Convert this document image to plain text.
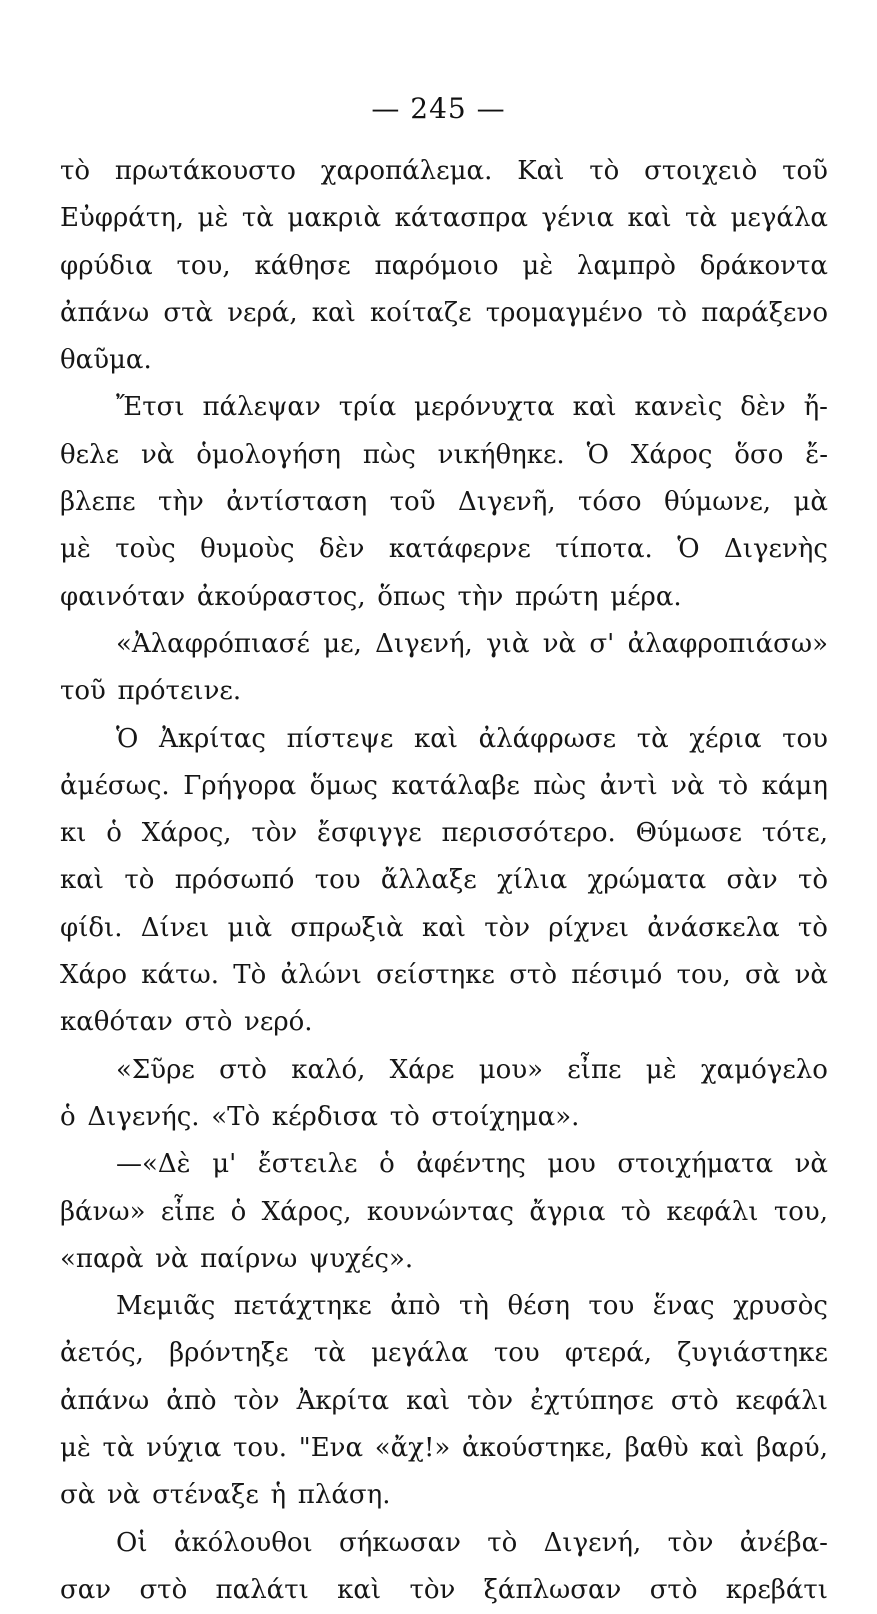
— 245 —
τὸ πρωτάκουστο χαροπάλεμα. Καὶ τὸ στοιχειὸ τοῦ
Εὐφράτη, μὲ τὰ μακριὰ κάτασπρα γένια καὶ τὰ μεγάλα
φρύδια του, κάθησε παρόμοιο μὲ λαμπρὸ δράκοντα
ἀπάνω στὰ νερά, καὶ κοίταζε τρομαγμένο τὸ παράξενο
θαῦμα.
Ἔτσι πάλεψαν τρία μερόνυχτα καὶ κανεὶς δὲν ἤ-
θελε νὰ ὁμολογήση πὼς νικήθηκε. Ὁ Χάρος ὅσο ἔ-
βλεπε τὴν ἀντίσταση τοῦ Διγενῆ, τόσο θύμωνε, μὰ
μὲ τοὺς θυμοὺς δὲν κατάφερνε τίποτα. Ὁ Διγενὴς
φαινόταν ἀκούραστος, ὅπως τὴν πρώτη μέρα.
«Ἀλαφρόπιασέ με, Διγενή, γιὰ νὰ σ' ἀλαφροπιάσω»
τοῦ πρότεινε.
Ὁ Ἀκρίτας πίστεψε καὶ ἀλάφρωσε τὰ χέρια του
ἀμέσως. Γρήγορα ὅμως κατάλαβε πὼς ἀντὶ νὰ τὸ κάμη
κι ὁ Χάρος, τὸν ἔσφιγγε περισσότερο. Θύμωσε τότε,
καὶ τὸ πρόσωπό του ἄλλαξε χίλια χρώματα σὰν τὸ
φίδι. Δίνει μιὰ σπρωξιὰ καὶ τὸν ρίχνει ἀνάσκελα τὸ
Χάρο κάτω. Τὸ ἀλώνι σείστηκε στὸ πέσιμό του, σὰ νὰ
καθόταν στὸ νερό.
«Σῦρε στὸ καλό, Χάρε μου» εἶπε μὲ χαμόγελο
ὁ Διγενής. «Τὸ κέρδισα τὸ στοίχημα».
—«Δὲ μ' ἔστειλε ὁ ἀφέντης μου στοιχήματα νὰ
βάνω» εἶπε ὁ Χάρος, κουνώντας ἄγρια τὸ κεφάλι του,
«παρὰ νὰ παίρνω ψυχές».
Μεμιᾶς πετάχτηκε ἀπὸ τὴ θέση του ἕνας χρυσὸς
ἀετός, βρόντηξε τὰ μεγάλα του φτερά, ζυγιάστηκε
ἀπάνω ἀπὸ τὸν Ἀκρίτα καὶ τὸν ἐχτύπησε στὸ κεφάλι
μὲ τὰ νύχια του. "Ενα «ἄχ!» ἀκούστηκε, βαθὺ καὶ βαρύ,
σὰ νὰ στέναξε ἡ πλάση.
Οἱ ἀκόλουθοι σήκωσαν τὸ Διγενή, τὸν ἀνέβα-
σαν στὸ παλάτι καὶ τὸν ξάπλωσαν στὸ κρεβάτι
